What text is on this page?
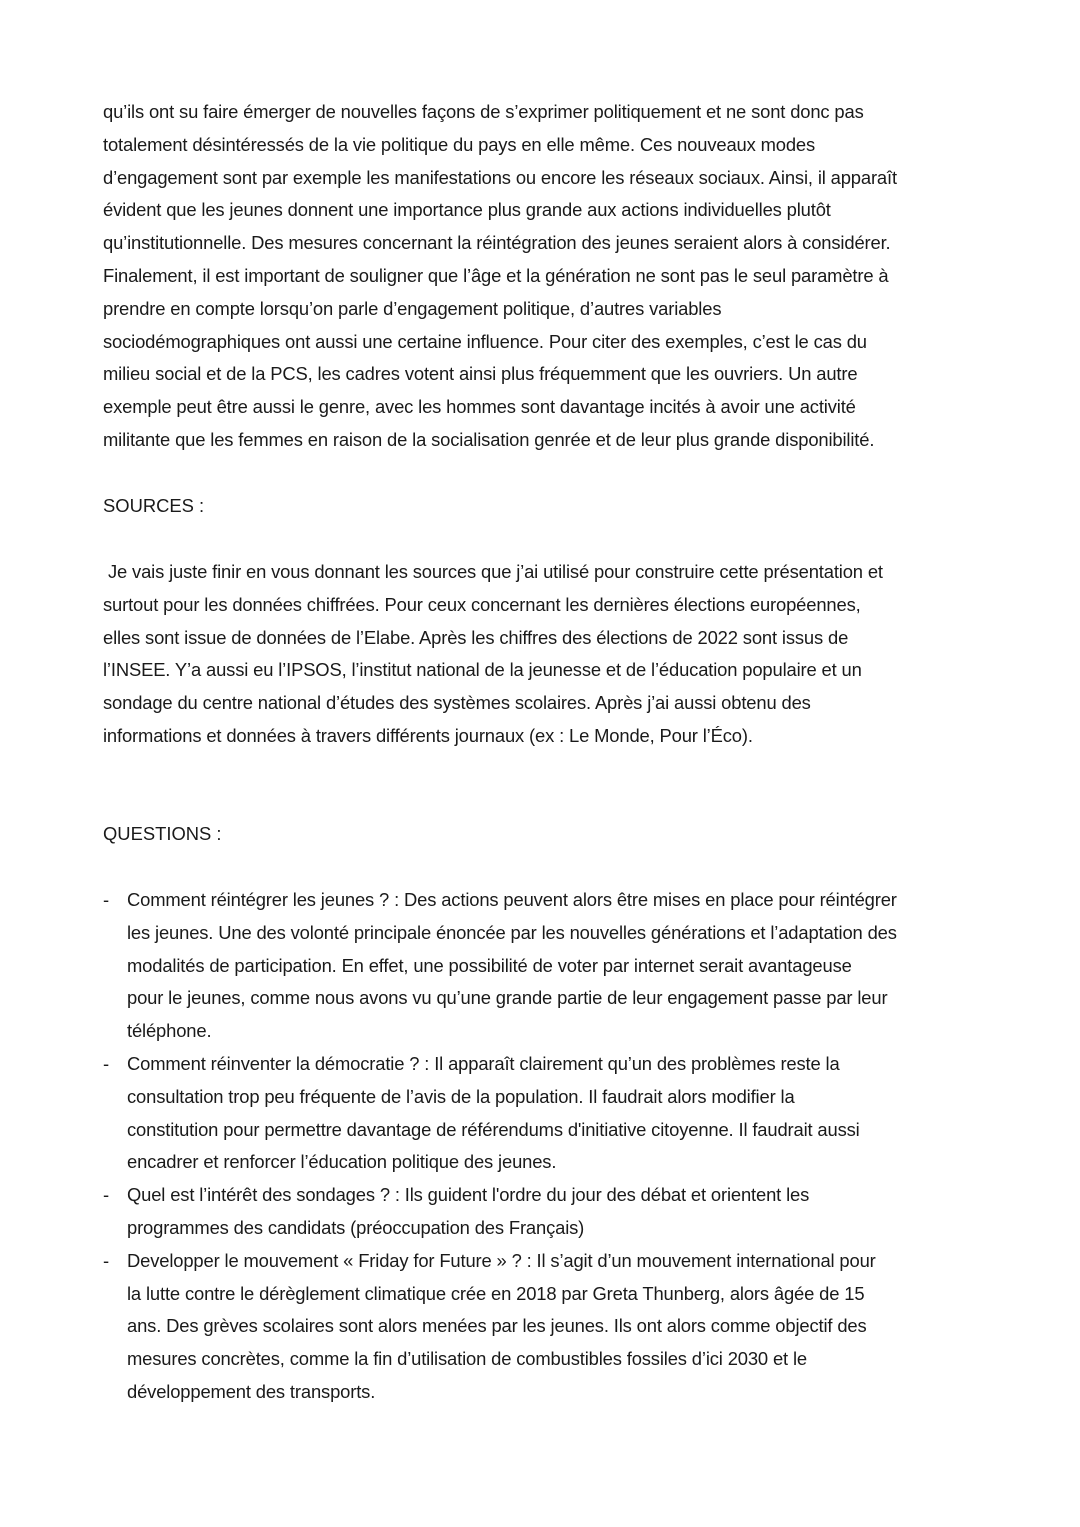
qu’ils ont su faire émerger de nouvelles façons de s’exprimer politiquement et ne sont donc pas
totalement désintéressés de la vie politique du pays en elle même. Ces nouveaux modes
d’engagement sont par exemple les manifestations ou encore les réseaux sociaux. Ainsi, il apparaît
évident que les jeunes donnent une importance plus grande aux actions individuelles plutôt
qu’institutionnelle. Des mesures concernant la réintégration des jeunes seraient alors à considérer.
Finalement, il est important de souligner que l’âge et la génération ne sont pas le seul paramètre à
prendre en compte lorsqu’on parle d’engagement politique, d’autres variables
sociodémographiques ont aussi une certaine influence. Pour citer des exemples, c’est le cas du
milieu social et de la PCS, les cadres votent ainsi plus fréquemment que les ouvriers. Un autre
exemple peut être aussi le genre, avec les hommes sont davantage incités à avoir une activité
militante que les femmes en raison de la socialisation genrée et de leur plus grande disponibilité.
SOURCES :
Je vais juste finir en vous donnant les sources que j’ai utilisé pour construire cette présentation et
surtout pour les données chiffrées. Pour ceux concernant les dernières élections européennes,
elles sont issue de données de l’Elabe. Après les chiffres des élections de 2022 sont issus de
l’INSEE. Y’a aussi eu l’IPSOS, l’institut national de la jeunesse et de l’éducation populaire et un
sondage du centre national d’études des systèmes scolaires. Après j’ai aussi obtenu des
informations et données à travers différents journaux (ex : Le Monde, Pour l’Éco).
QUESTIONS :
- Comment réintégrer les jeunes ? : Des actions peuvent alors être mises en place pour réintégrer
les jeunes. Une des volonté principale énoncée par les nouvelles générations et l’adaptation des
modalités de participation. En effet, une possibilité de voter par internet serait avantageuse
pour le jeunes, comme nous avons vu qu’une grande partie de leur engagement passe par leur
téléphone.
- Comment réinventer la démocratie ? : Il apparaît clairement qu’un des problèmes reste la
consultation trop peu fréquente de l’avis de la population. Il faudrait alors modifier la
constitution pour permettre davantage de référendums d'initiative citoyenne. Il faudrait aussi
encadrer et renforcer l’éducation politique des jeunes.
- Quel est l’intérêt des sondages ? : Ils guident l'ordre du jour des débat et orientent les
programmes des candidats (préoccupation des Français)
- Developper le mouvement « Friday for Future » ? : Il s’agit d’un mouvement international pour
la lutte contre le dérèglement climatique crée en 2018 par Greta Thunberg, alors âgée de 15
ans. Des grèves scolaires sont alors menées par les jeunes. Ils ont alors comme objectif des
mesures concrètes, comme la fin d’utilisation de combustibles fossiles d’ici 2030 et le
développement des transports.
